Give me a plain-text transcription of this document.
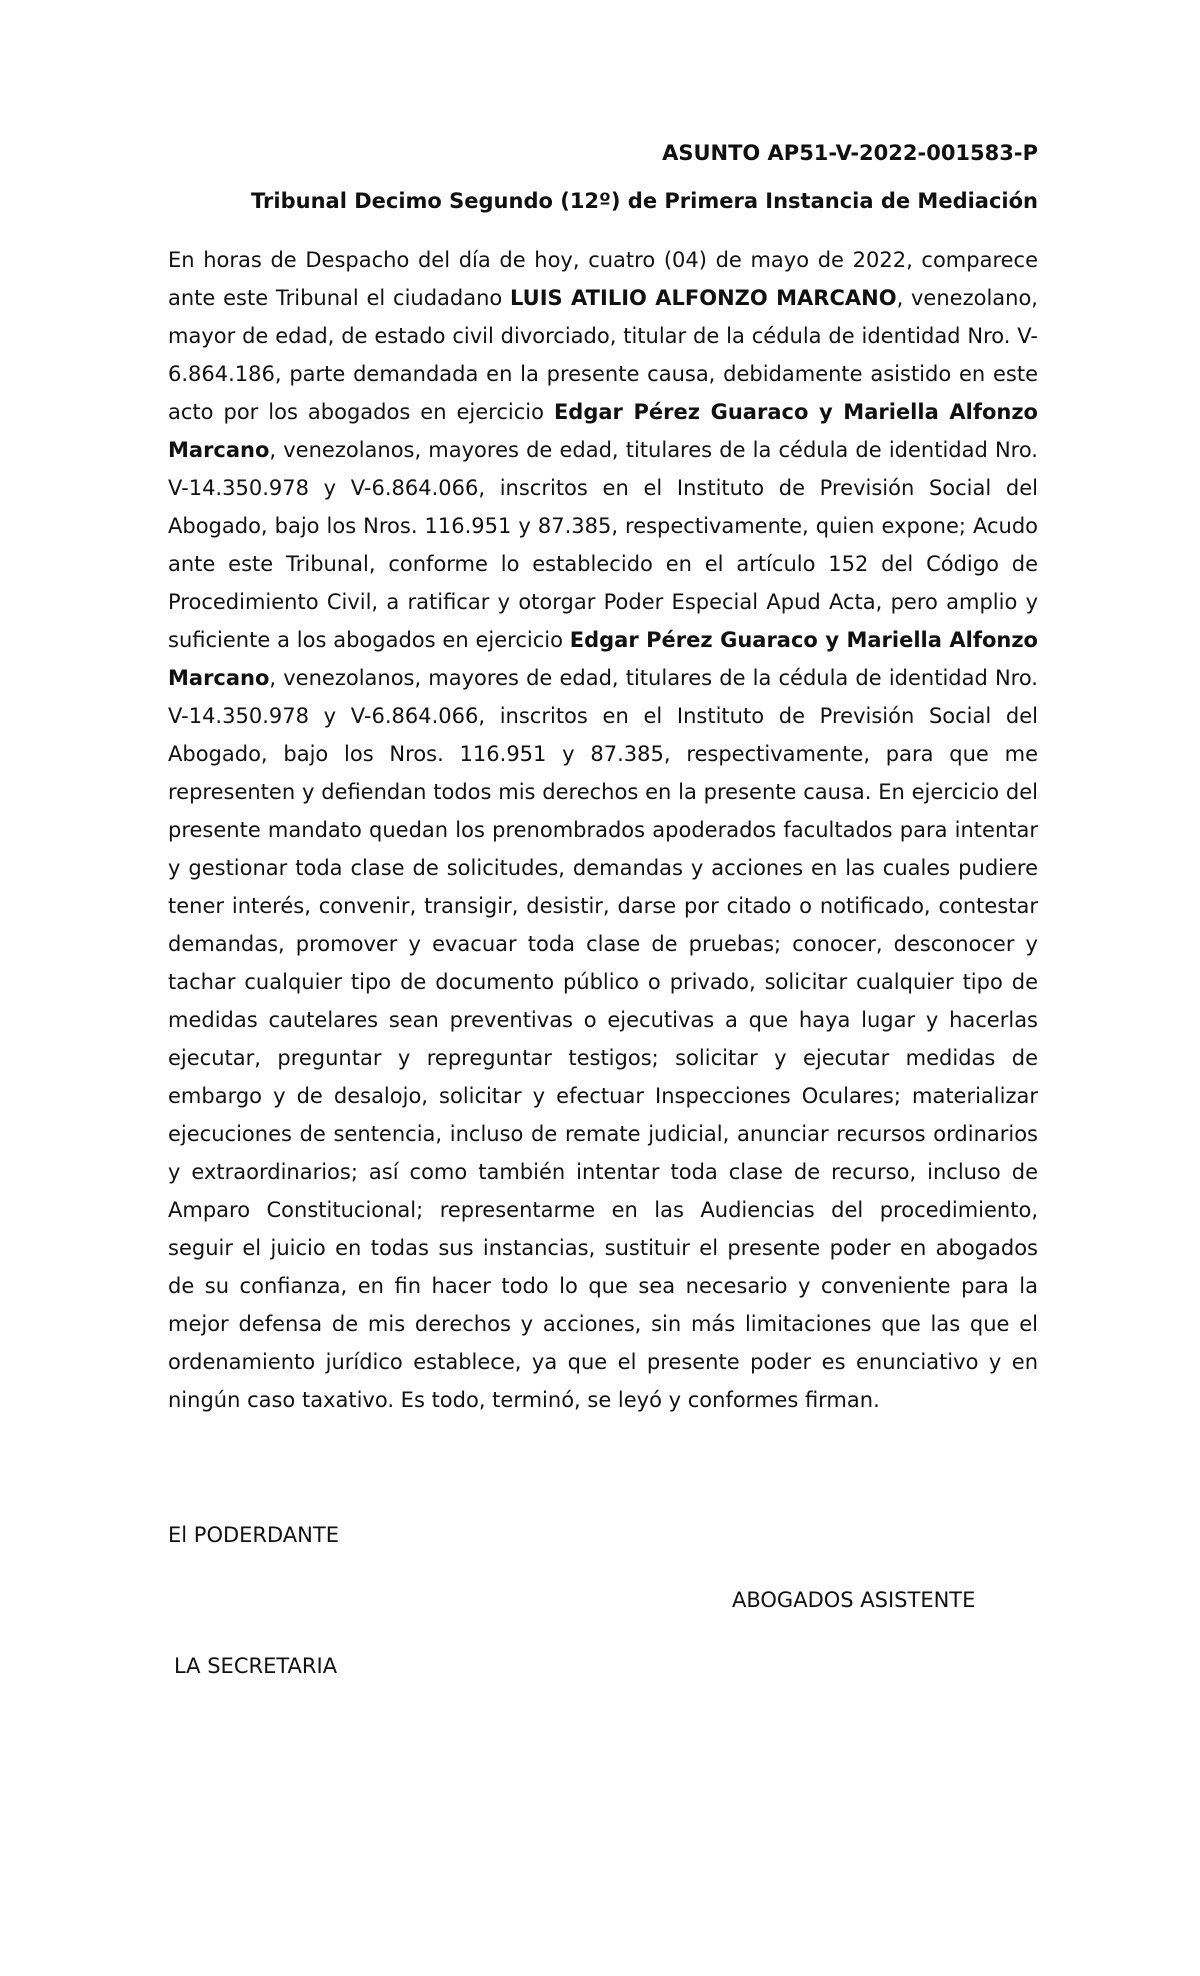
ASUNTO AP51-V-2022-001583-P
Tribunal Decimo Segundo (12º) de Primera Instancia de Mediación

En horas de Despacho del día de hoy, cuatro (04) de mayo de 2022, comparece ante este Tribunal el ciudadano LUIS ATILIO ALFONZO MARCANO, venezolano, mayor de edad, de estado civil divorciado, titular de la cédula de identidad Nro. V-6.864.186, parte demandada en la presente causa, debidamente asistido en este acto por los abogados en ejercicio Edgar Pérez Guaraco y Mariella Alfonzo Marcano, venezolanos, mayores de edad, titulares de la cédula de identidad Nro. V-14.350.978 y V-6.864.066, inscritos en el Instituto de Previsión Social del Abogado, bajo los Nros. 116.951 y 87.385, respectivamente, quien expone; Acudo ante este Tribunal, conforme lo establecido en el artículo 152 del Código de Procedimiento Civil, a ratificar y otorgar Poder Especial Apud Acta, pero amplio y suficiente a los abogados en ejercicio Edgar Pérez Guaraco y Mariella Alfonzo Marcano, venezolanos, mayores de edad, titulares de la cédula de identidad Nro. V-14.350.978 y V-6.864.066, inscritos en el Instituto de Previsión Social del Abogado, bajo los Nros. 116.951 y 87.385, respectivamente, para que me representen y defiendan todos mis derechos en la presente causa. En ejercicio del presente mandato quedan los prenombrados apoderados facultados para intentar y gestionar toda clase de solicitudes, demandas y acciones en las cuales pudiere tener interés, convenir, transigir, desistir, darse por citado o notificado, contestar demandas, promover y evacuar toda clase de pruebas; conocer, desconocer y tachar cualquier tipo de documento público o privado, solicitar cualquier tipo de medidas cautelares sean preventivas o ejecutivas a que haya lugar y hacerlas ejecutar, preguntar y repreguntar testigos; solicitar y ejecutar medidas de embargo y de desalojo, solicitar y efectuar Inspecciones Oculares; materializar ejecuciones de sentencia, incluso de remate judicial, anunciar recursos ordinarios y extraordinarios; así como también intentar toda clase de recurso, incluso de Amparo Constitucional; representarme en las Audiencias del procedimiento, seguir el juicio en todas sus instancias, sustituir el presente poder en abogados de su confianza, en fin hacer todo lo que sea necesario y conveniente para la mejor defensa de mis derechos y acciones, sin más limitaciones que las que el ordenamiento jurídico establece, ya que el presente poder es enunciativo y en ningún caso taxativo. Es todo, terminó, se leyó y conformes firman.

El PODERDANTE
ABOGADOS ASISTENTE
LA SECRETARIA
